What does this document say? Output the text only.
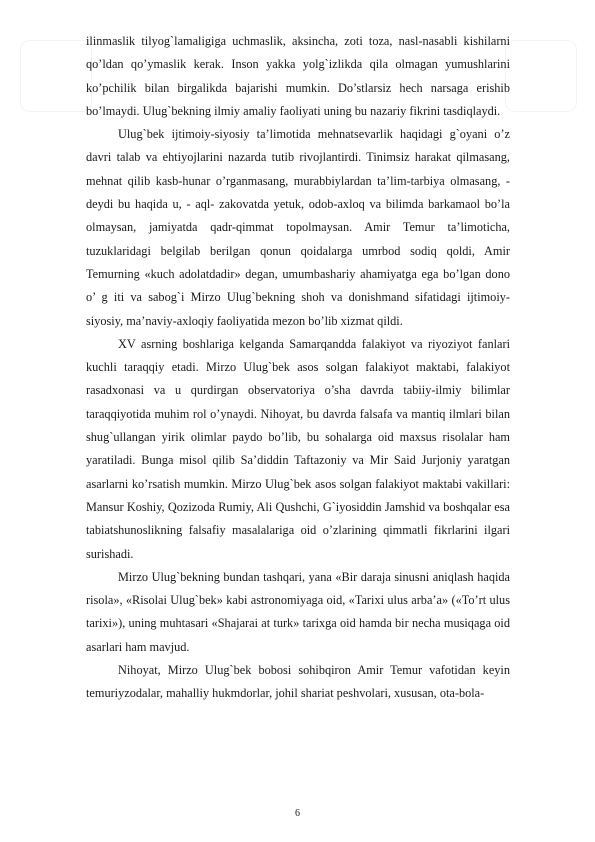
ilinmaslik tilyog`lamaligiga uchmaslik, aksincha, zoti toza, nasl-nasabli kishilarni qo’ldan qo’ymaslik kerak. Inson yakka yolg`izlikda qila olmagan yumushlarini ko’pchilik bilan birgalikda bajarishi mumkin. Do’stlarsiz hech narsaga erishib bo’lmaydi. Ulug`bekning ilmiy amaliy faoliyati uning bu nazariy fikrini tasdiqlaydi.

Ulug`bek ijtimoiy-siyosiy ta’limotida mehnatsevarlik haqidagi g`oyani o’z davri talab va ehtiyojlarini nazarda tutib rivojlantirdi. Tinimsiz harakat qilmasang, mehnat qilib kasb-hunar o’rganmasang, murabbiylardan ta’lim-tarbiya olmasang, - deydi bu haqida u, - aql- zakovatda yetuk, odob-axloq va bilimda barkamaol bo’la olmaysan, jamiyatda qadr-qimmat topolmaysan. Amir Temur ta’limoticha, tuzuklaridagi belgilab berilgan qonun qoidalarga umrbod sodiq qoldi, Amir Temurning «kuch adolatdadir» degan, umumbashariy ahamiyatga ega bo’lgan dono o’ g iti va sabog`i Mirzo Ulug`bekning shoh va donishmand sifatidagi ijtimoiy-siyosiy, ma’naviy-axloqiy faoliyatida mezon bo’lib xizmat qildi.

XV asrning boshlariga kelganda Samarqandda falakiyot va riyoziyot fanlari kuchli taraqqiy etadi. Mirzo Ulug`bek asos solgan falakiyot maktabi, falakiyot rasadxonasi va u qurdirgan observatoriya o’sha davrda tabiiy-ilmiy bilimlar taraqqiyotida muhim rol o’ynaydi. Nihoyat, bu davrda falsafa va mantiq ilmlari bilan shug`ullangan yirik olimlar paydo bo’lib, bu sohalarga oid maxsus risolalar ham yaratiladi. Bunga misol qilib Sa’diddin Taftazoniy va Mir Said Jurjoniy yaratgan asarlarni ko’rsatish mumkin. Mirzo Ulug`bek asos solgan falakiyot maktabi vakillari: Mansur Koshiy, Qozizoda Rumiy, Ali Qushchi, G`iyosiddin Jamshid va boshqalar esa tabiatshunoslikning falsafiy masalalariga oid o’zlarining qimmatli fikrlarini ilgari surishadi.

Mirzo Ulug`bekning bundan tashqari, yana «Bir daraja sinusni aniqlash haqida risola», «Risolai Ulug`bek» kabi astronomiyaga oid, «Tarixi ulus arba’a» («To’rt ulus tarixi»), uning muhtasari «Shajarai at turk» tarixga oid hamda bir necha musiqaga oid asarlari ham mavjud.

Nihoyat, Mirzo Ulug`bek bobosi sohibqiron Amir Temur vafotidan keyin temuriyzodalar, mahalliy hukmdorlar, johil shariat peshvolari, xususan, ota-bola-

6
